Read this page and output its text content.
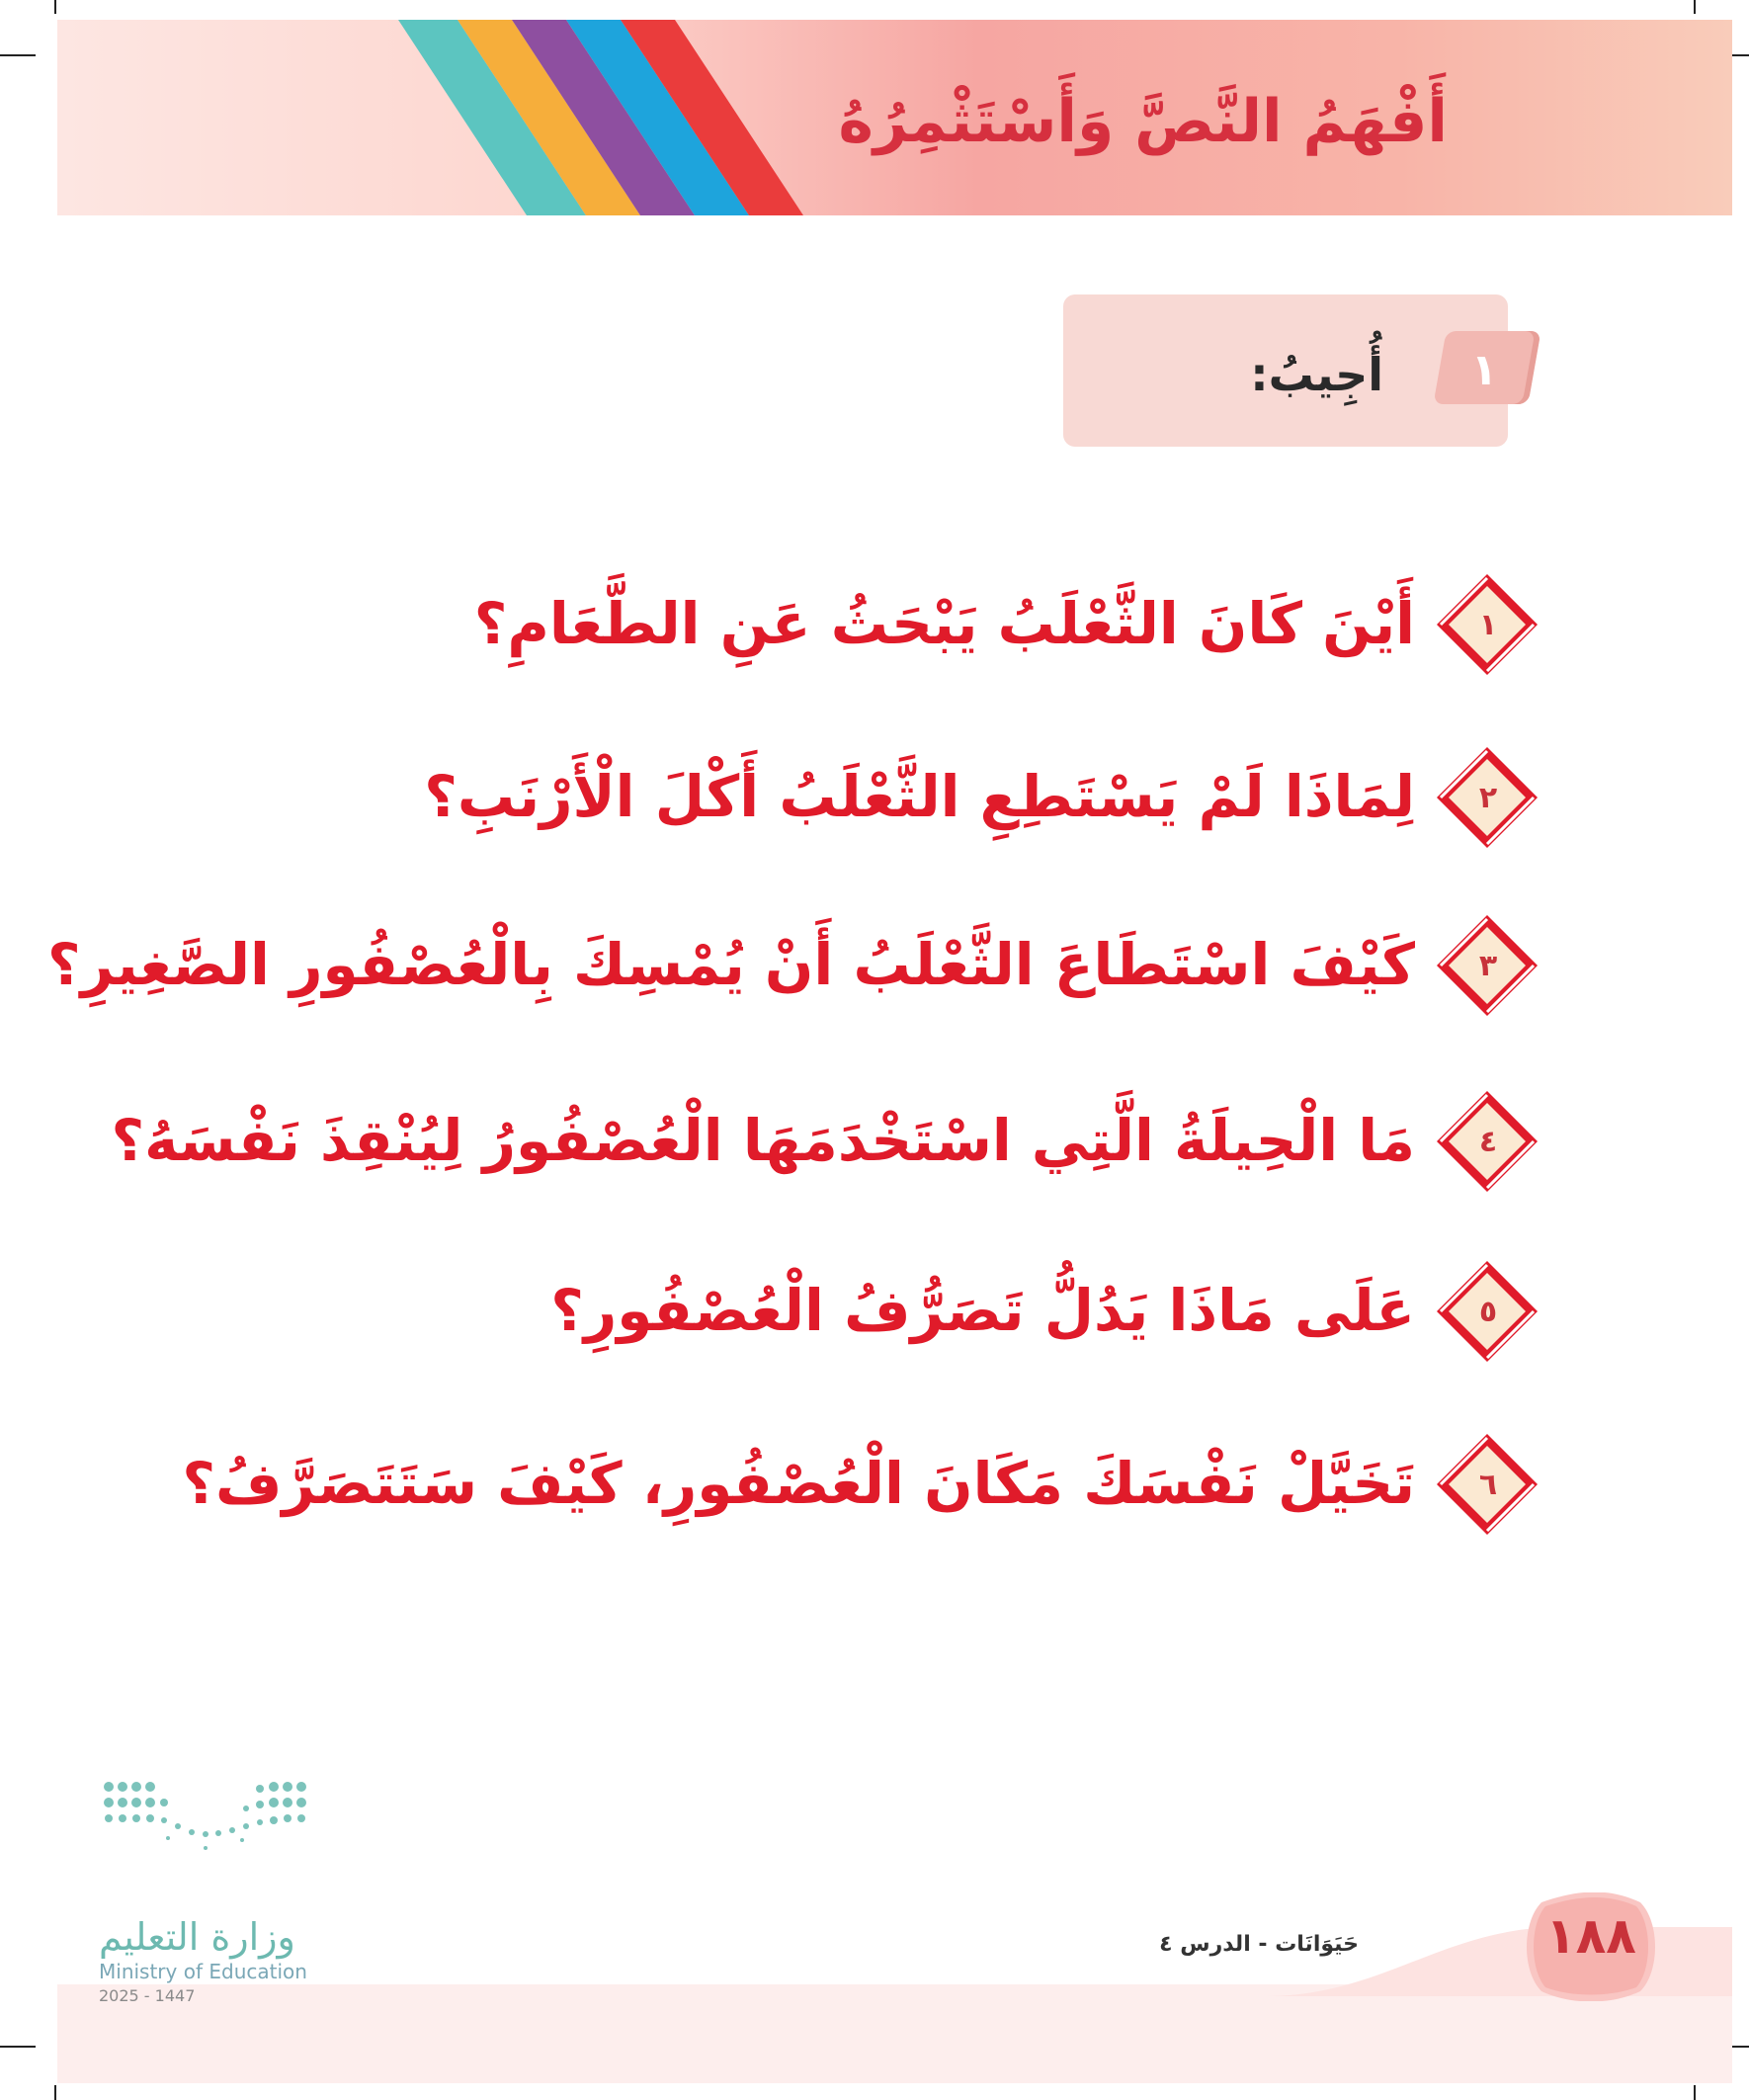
أَفْهَمُ النَّصَّ وَأَسْتَثْمِرُهُ
١
أُجِيبُ:
١
أَيْنَ كَانَ الثَّعْلَبُ يَبْحَثُ عَنِ الطَّعَامِ؟
٢
لِمَاذَا لَمْ يَسْتَطِعِ الثَّعْلَبُ أَكْلَ الْأَرْنَبِ؟
٣
كَيْفَ اسْتَطَاعَ الثَّعْلَبُ أَنْ يُمْسِكَ بِالْعُصْفُورِ الصَّغِيرِ؟
٤
مَا الْحِيلَةُ الَّتِي اسْتَخْدَمَهَا الْعُصْفُورُ لِيُنْقِذَ نَفْسَهُ؟
٥
عَلَى مَاذَا يَدُلُّ تَصَرُّفُ الْعُصْفُورِ؟
٦
تَخَيَّلْ نَفْسَكَ مَكَانَ الْعُصْفُورِ، كَيْفَ سَتَتَصَرَّفُ؟
١٨٨
حَيَوَانَات - الدرس ٤
وزارة التعليم
Ministry of Education
2025 - 1447
